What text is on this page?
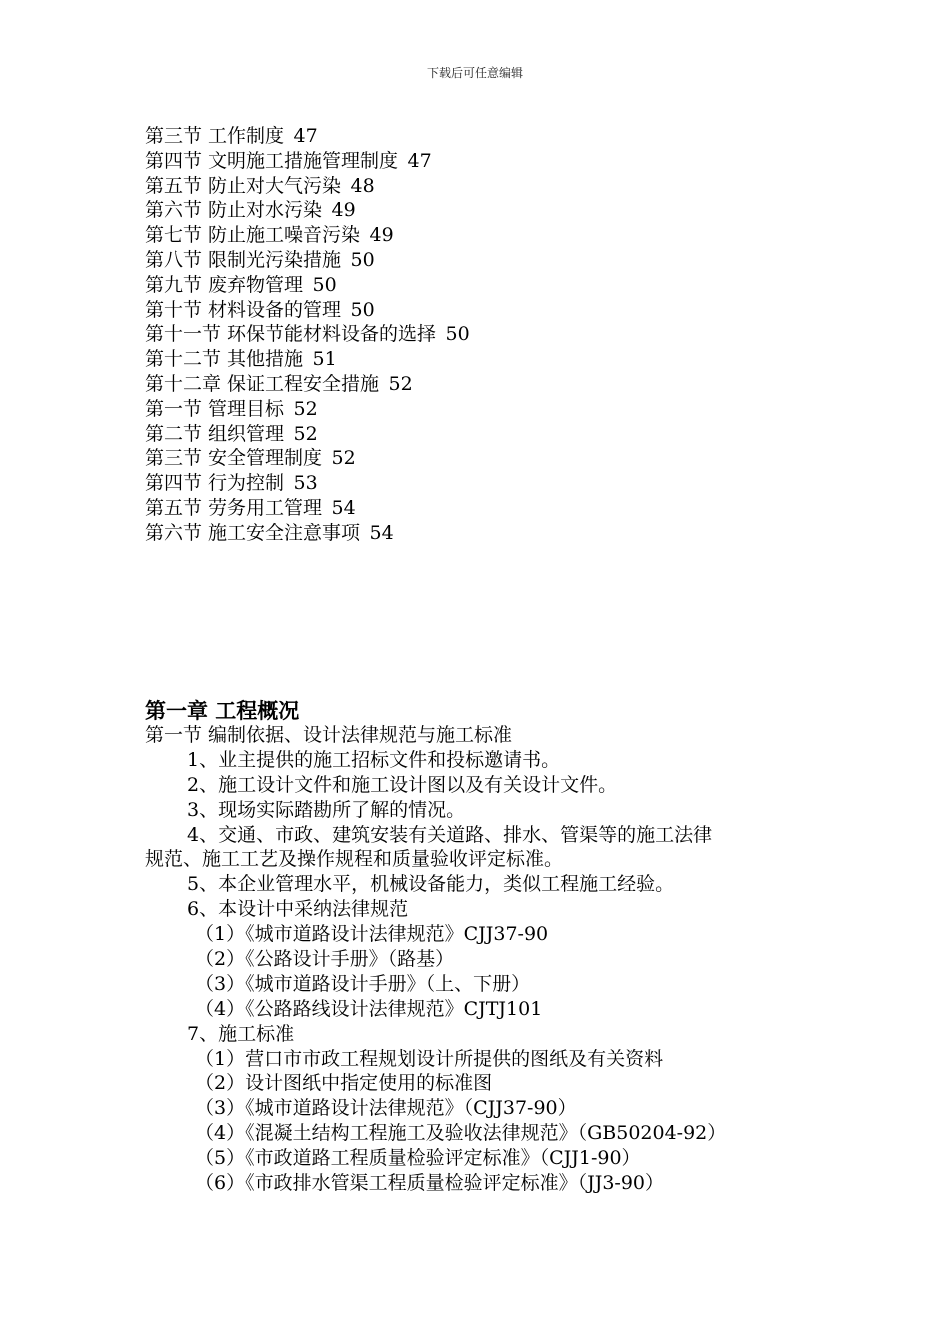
下载后可任意编辑
第三节 工作制度 47
第四节 文明施工措施管理制度 47
第五节 防止对大气污染 48
第六节 防止对水污染 49
第七节 防止施工噪音污染 49
第八节 限制光污染措施 50
第九节 废弃物管理 50
第十节 材料设备的管理 50
第十一节 环保节能材料设备的选择 50
第十二节 其他措施 51
第十二章 保证工程安全措施 52
第一节 管理目标 52
第二节 组织管理 52
第三节 安全管理制度 52
第四节 行为控制 53
第五节 劳务用工管理 54
第六节 施工安全注意事项 54
第一章 工程概况
第一节 编制依据、设计法律规范与施工标准
1、业主提供的施工招标文件和投标邀请书。
2、施工设计文件和施工设计图以及有关设计文件。
3、现场实际踏勘所了解的情况。
4、交通、市政、建筑安装有关道路、排水、管渠等的施工法律
规范、施工工艺及操作规程和质量验收评定标准。
5、本企业管理水平，机械设备能力，类似工程施工经验。
6、本设计中采纳法律规范
（1）《城市道路设计法律规范》CJJ37-90
（2）《公路设计手册》（路基）
（3）《城市道路设计手册》（上、下册）
（4）《公路路线设计法律规范》CJTJ101
7、施工标准
（1）营口市市政工程规划设计所提供的图纸及有关资料
（2）设计图纸中指定使用的标准图
（3）《城市道路设计法律规范》（CJJ37-90）
（4）《混凝土结构工程施工及验收法律规范》（GB50204-92）
（5）《市政道路工程质量检验评定标准》（CJJ1-90）
（6）《市政排水管渠工程质量检验评定标准》（JJ3-90）
